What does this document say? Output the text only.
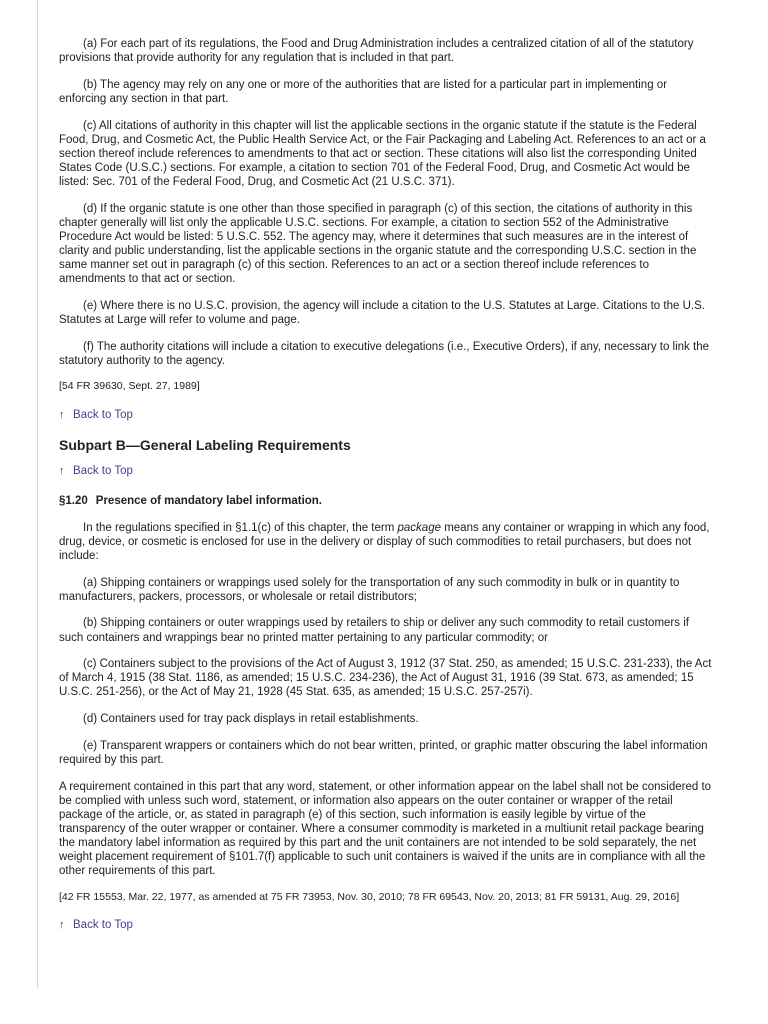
(a) For each part of its regulations, the Food and Drug Administration includes a centralized citation of all of the statutory provisions that provide authority for any regulation that is included in that part.

(b) The agency may rely on any one or more of the authorities that are listed for a particular part in implementing or enforcing any section in that part.

(c) All citations of authority in this chapter will list the applicable sections in the organic statute if the statute is the Federal Food, Drug, and Cosmetic Act, the Public Health Service Act, or the Fair Packaging and Labeling Act. References to an act or a section thereof include references to amendments to that act or section. These citations will also list the corresponding United States Code (U.S.C.) sections. For example, a citation to section 701 of the Federal Food, Drug, and Cosmetic Act would be listed: Sec. 701 of the Federal Food, Drug, and Cosmetic Act (21 U.S.C. 371).

(d) If the organic statute is one other than those specified in paragraph (c) of this section, the citations of authority in this chapter generally will list only the applicable U.S.C. sections. For example, a citation to section 552 of the Administrative Procedure Act would be listed: 5 U.S.C. 552. The agency may, where it determines that such measures are in the interest of clarity and public understanding, list the applicable sections in the organic statute and the corresponding U.S.C. section in the same manner set out in paragraph (c) of this section. References to an act or a section thereof include references to amendments to that act or section.

(e) Where there is no U.S.C. provision, the agency will include a citation to the U.S. Statutes at Large. Citations to the U.S. Statutes at Large will refer to volume and page.

(f) The authority citations will include a citation to executive delegations (i.e., Executive Orders), if any, necessary to link the statutory authority to the agency.

[54 FR 39630, Sept. 27, 1989]

↑ Back to Top
Subpart B—General Labeling Requirements
↑ Back to Top
§1.20 Presence of mandatory label information.

In the regulations specified in §1.1(c) of this chapter, the term package means any container or wrapping in which any food, drug, device, or cosmetic is enclosed for use in the delivery or display of such commodities to retail purchasers, but does not include:

(a) Shipping containers or wrappings used solely for the transportation of any such commodity in bulk or in quantity to manufacturers, packers, processors, or wholesale or retail distributors;

(b) Shipping containers or outer wrappings used by retailers to ship or deliver any such commodity to retail customers if such containers and wrappings bear no printed matter pertaining to any particular commodity; or

(c) Containers subject to the provisions of the Act of August 3, 1912 (37 Stat. 250, as amended; 15 U.S.C. 231-233), the Act of March 4, 1915 (38 Stat. 1186, as amended; 15 U.S.C. 234-236), the Act of August 31, 1916 (39 Stat. 673, as amended; 15 U.S.C. 251-256), or the Act of May 21, 1928 (45 Stat. 635, as amended; 15 U.S.C. 257-257i).

(d) Containers used for tray pack displays in retail establishments.

(e) Transparent wrappers or containers which do not bear written, printed, or graphic matter obscuring the label information required by this part.

A requirement contained in this part that any word, statement, or other information appear on the label shall not be considered to be complied with unless such word, statement, or information also appears on the outer container or wrapper of the retail package of the article, or, as stated in paragraph (e) of this section, such information is easily legible by virtue of the transparency of the outer wrapper or container. Where a consumer commodity is marketed in a multiunit retail package bearing the mandatory label information as required by this part and the unit containers are not intended to be sold separately, the net weight placement requirement of §101.7(f) applicable to such unit containers is waived if the units are in compliance with all the other requirements of this part.

[42 FR 15553, Mar. 22, 1977, as amended at 75 FR 73953, Nov. 30, 2010; 78 FR 69543, Nov. 20, 2013; 81 FR 59131, Aug. 29, 2016]

↑ Back to Top
